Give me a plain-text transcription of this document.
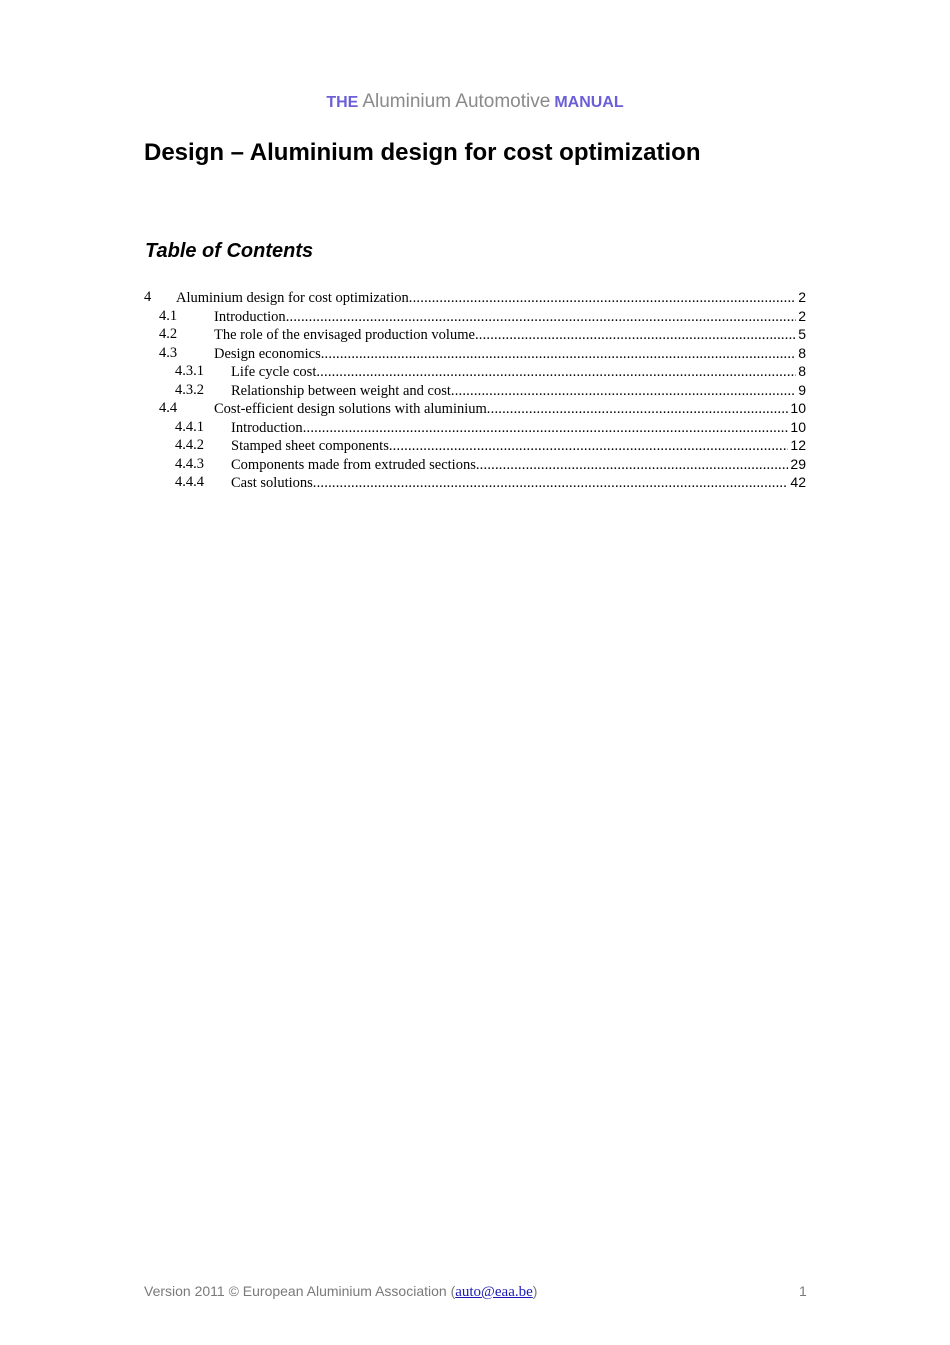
THE Aluminium Automotive MANUAL
Design – Aluminium design for cost optimization
Table of Contents
4 Aluminium design for cost optimization .....	2
4.1	Introduction .....	2
4.2	The role of the envisaged production volume .....	5
4.3	Design economics .....	8
4.3.1 Life cycle cost .....	8
4.3.2 Relationship between weight and cost .....	9
4.4	Cost-efficient design solutions with aluminium .....	10
4.4.1 Introduction .....	10
4.4.2 Stamped sheet components .....	12
4.4.3 Components made from extruded sections .....	29
4.4.4 Cast solutions .....	42
Version 2011 © European Aluminium Association (auto@eaa.be)	1
